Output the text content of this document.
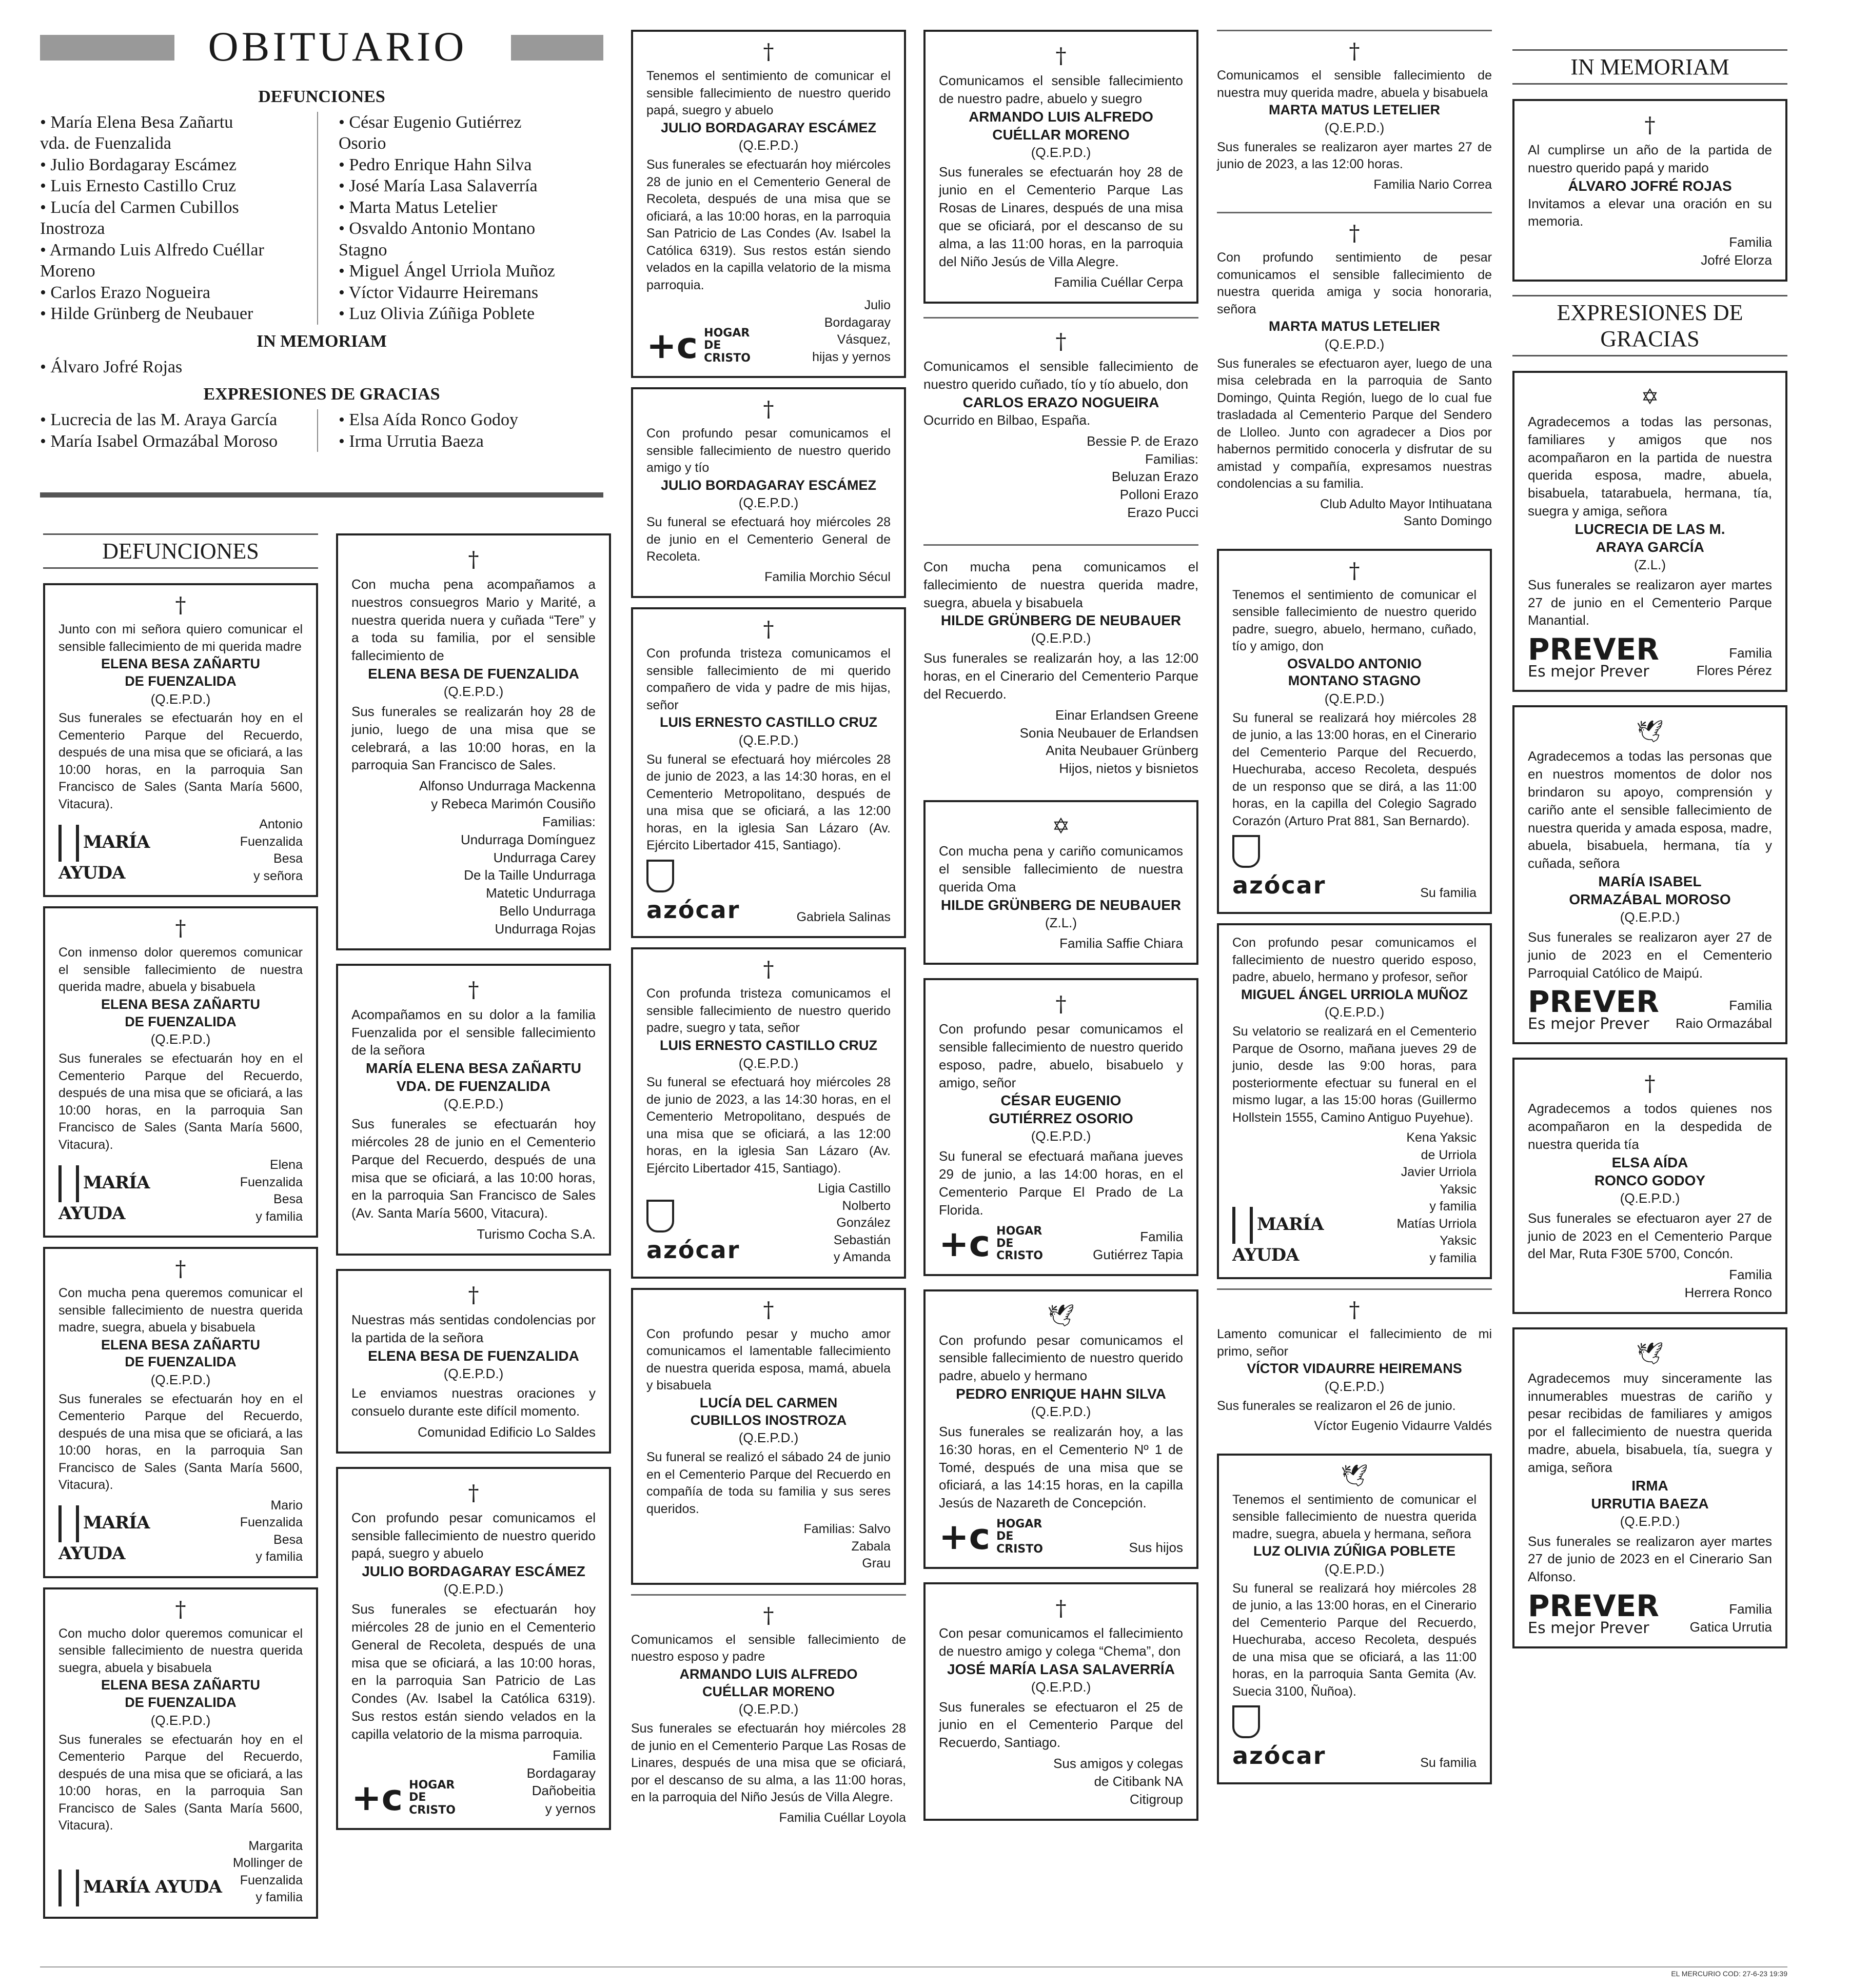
OBITUARIO
DEFUNCIONES
• María Elena Besa Zañartu
vda. de Fuenzalida
• Julio Bordagaray Escámez
• Luis Ernesto Castillo Cruz
• Lucía del Carmen Cubillos
Inostroza
• Armando Luis Alfredo Cuéllar
Moreno
• Carlos Erazo Nogueira
• Hilde Grünberg de Neubauer
• César Eugenio Gutiérrez
Osorio
• Pedro Enrique Hahn Silva
• José María Lasa Salaverría
• Marta Matus Letelier
• Osvaldo Antonio Montano
Stagno
• Miguel Ángel Urriola Muñoz
• Víctor Vidaurre Heiremans
• Luz Olivia Zúñiga Poblete
IN MEMORIAM
• Álvaro Jofré Rojas
EXPRESIONES DE GRACIAS
• Lucrecia de las M. Araya García
• María Isabel Ormazábal Moroso
• Elsa Aída Ronco Godoy
• Irma Urrutia Baeza
DEFUNCIONES
†
Junto con mi señora quiero comunicar el sensible fallecimiento de mi querida madre
ELENA BESA ZAÑARTU
DE FUENZALIDA
(Q.E.P.D.)
Sus funerales se efectuarán hoy en el Cementerio Parque del Recuerdo, después de una misa que se oficiará, a las 10:00 horas, en la parroquia San Francisco de Sales (Santa María 5600, Vitacura).
MARÍA AYUDA
Antonio
Fuenzalida Besa
y señora
†
Con inmenso dolor queremos comunicar el sensible fallecimiento de nuestra querida madre, abuela y bisabuela
ELENA BESA ZAÑARTU
DE FUENZALIDA
(Q.E.P.D.)
Sus funerales se efectuarán hoy en el Cementerio Parque del Recuerdo, después de una misa que se oficiará, a las 10:00 horas, en la parroquia San Francisco de Sales (Santa María 5600, Vitacura).
MARÍA AYUDA
Elena
Fuenzalida Besa
y familia
†
Con mucha pena queremos comunicar el sensible fallecimiento de nuestra querida madre, suegra, abuela y bisabuela
ELENA BESA ZAÑARTU
DE FUENZALIDA
(Q.E.P.D.)
Sus funerales se efectuarán hoy en el Cementerio Parque del Recuerdo, después de una misa que se oficiará, a las 10:00 horas, en la parroquia San Francisco de Sales (Santa María 5600, Vitacura).
MARÍA AYUDA
Mario
Fuenzalida Besa
y familia
†
Con mucho dolor queremos comunicar el sensible fallecimiento de nuestra querida suegra, abuela y bisabuela
ELENA BESA ZAÑARTU
DE FUENZALIDA
(Q.E.P.D.)
Sus funerales se efectuarán hoy en el Cementerio Parque del Recuerdo, después de una misa que se oficiará, a las 10:00 horas, en la parroquia San Francisco de Sales (Santa María 5600, Vitacura).
MARÍA AYUDA
Margarita
Mollinger de
Fuenzalida
y familia
†
Con mucha pena acompañamos a nuestros consuegros Mario y Marité, a nuestra querida nuera y cuñada “Tere” y a toda su familia, por el sensible fallecimiento de
ELENA BESA DE FUENZALIDA
(Q.E.P.D.)
Sus funerales se realizarán hoy 28 de junio, luego de una misa que se celebrará, a las 10:00 horas, en la parroquia San Francisco de Sales.
Alfonso Undurraga Mackenna
y Rebeca Marimón Cousiño
Familias:
Undurraga Domínguez
Undurraga Carey
De la Taille Undurraga
Matetic Undurraga
Bello Undurraga
Undurraga Rojas
†
Acompañamos en su dolor a la familia Fuenzalida por el sensible fallecimiento de la señora
MARÍA ELENA BESA ZAÑARTU
VDA. DE FUENZALIDA
(Q.E.P.D.)
Sus funerales se efectuarán hoy miércoles 28 de junio en el Cementerio Parque del Recuerdo, después de una misa que se oficiará, a las 10:00 horas, en la parroquia San Francisco de Sales (Av. Santa María 5600, Vitacura).
Turismo Cocha S.A.
†
Nuestras más sentidas condolencias por la partida de la señora
ELENA BESA DE FUENZALIDA
(Q.E.P.D.)
Le enviamos nuestras oraciones y consuelo durante este difícil momento.
Comunidad Edificio Lo Saldes
†
Con profundo pesar comunicamos el sensible fallecimiento de nuestro querido papá, suegro y abuelo
JULIO BORDAGARAY ESCÁMEZ
(Q.E.P.D.)
Sus funerales se efectuarán hoy miércoles 28 de junio en el Cementerio General de Recoleta, después de una misa que se oficiará, a las 10:00 horas, en la parroquia San Patricio de Las Condes (Av. Isabel la Católica 6319). Sus restos están siendo velados en la capilla velatorio de la misma parroquia.
+c HOGAR DE CRISTO
Familia
Bordagaray
Dañobeitia
y yernos
†
Tenemos el sentimiento de comunicar el sensible fallecimiento de nuestro querido papá, suegro y abuelo
JULIO BORDAGARAY ESCÁMEZ
(Q.E.P.D.)
Sus funerales se efectuarán hoy miércoles 28 de junio en el Cementerio General de Recoleta, después de una misa que se oficiará, a las 10:00 horas, en la parroquia San Patricio de Las Condes (Av. Isabel la Católica 6319). Sus restos están siendo velados en la capilla velatorio de la misma parroquia.
+c HOGAR DE CRISTO
Julio
Bordagaray
Vásquez,
hijas y yernos
†
Con profundo pesar comunicamos el sensible fallecimiento de nuestro querido amigo y tío
JULIO BORDAGARAY ESCÁMEZ
(Q.E.P.D.)
Su funeral se efectuará hoy miércoles 28 de junio en el Cementerio General de Recoleta.
Familia Morchio Sécul
†
Con profunda tristeza comunicamos el sensible fallecimiento de mi querido compañero de vida y padre de mis hijas, señor
LUIS ERNESTO CASTILLO CRUZ
(Q.E.P.D.)
Su funeral se efectuará hoy miércoles 28 de junio de 2023, a las 14:30 horas, en el Cementerio Metropolitano, después de una misa que se oficiará, a las 12:00 horas, en la iglesia San Lázaro (Av. Ejército Libertador 415, Santiago).
azócar	Gabriela Salinas
†
Con profunda tristeza comunicamos el sensible fallecimiento de nuestro querido padre, suegro y tata, señor
LUIS ERNESTO CASTILLO CRUZ
(Q.E.P.D.)
Su funeral se efectuará hoy miércoles 28 de junio de 2023, a las 14:30 horas, en el Cementerio Metropolitano, después de una misa que se oficiará, a las 12:00 horas, en la iglesia San Lázaro (Av. Ejército Libertador 415, Santiago).
azócar
Ligia Castillo
Nolberto
González
Sebastián
y Amanda
†
Con profundo pesar y mucho amor comunicamos el lamentable fallecimiento de nuestra querida esposa, mamá, abuela y bisabuela
LUCÍA DEL CARMEN
CUBILLOS INOSTROZA
(Q.E.P.D.)
Su funeral se realizó el sábado 24 de junio en el Cementerio Parque del Recuerdo en compañía de toda su familia y sus seres queridos.
Familias: Salvo
Zabala
Grau
†
Comunicamos el sensible fallecimiento de nuestro esposo y padre
ARMANDO LUIS ALFREDO
CUÉLLAR MORENO
(Q.E.P.D.)
Sus funerales se efectuarán hoy miércoles 28 de junio en el Cementerio Parque Las Rosas de Linares, después de una misa que se oficiará, por el descanso de su alma, a las 11:00 horas, en la parroquia del Niño Jesús de Villa Alegre.
Familia Cuéllar Loyola
†
Comunicamos el sensible fallecimiento de nuestro padre, abuelo y suegro
ARMANDO LUIS ALFREDO
CUÉLLAR MORENO
(Q.E.P.D.)
Sus funerales se efectuarán hoy 28 de junio en el Cementerio Parque Las Rosas de Linares, después de una misa que se oficiará, por el descanso de su alma, a las 11:00 horas, en la parroquia del Niño Jesús de Villa Alegre.
Familia Cuéllar Cerpa
†
Comunicamos el sensible fallecimiento de nuestro querido cuñado, tío y tío abuelo, don
CARLOS ERAZO NOGUEIRA
Ocurrido en Bilbao, España.
Bessie P. de Erazo
Familias:
Beluzan Erazo
Polloni Erazo
Erazo Pucci
Con mucha pena comunicamos el fallecimiento de nuestra querida madre, suegra, abuela y bisabuela
HILDE GRÜNBERG DE NEUBAUER
(Q.E.P.D.)
Sus funerales se realizarán hoy, a las 12:00 horas, en el Cinerario del Cementerio Parque del Recuerdo.
Einar Erlandsen Greene
Sonia Neubauer de Erlandsen
Anita Neubauer Grünberg
Hijos, nietos y bisnietos
✡
Con mucha pena y cariño comunicamos el sensible fallecimiento de nuestra querida Oma
HILDE GRÜNBERG DE NEUBAUER
(Z.L.)
Familia Saffie Chiara
†
Con profundo pesar comunicamos el sensible fallecimiento de nuestro querido esposo, padre, abuelo, bisabuelo y amigo, señor
CÉSAR EUGENIO
GUTIÉRREZ OSORIO
(Q.E.P.D.)
Su funeral se efectuará mañana jueves 29 de junio, a las 14:00 horas, en el Cementerio Parque El Prado de La Florida.
+c HOGAR DE CRISTO
Familia
Gutiérrez Tapia
🕊
Con profundo pesar comunicamos el sensible fallecimiento de nuestro querido padre, abuelo y hermano
PEDRO ENRIQUE HAHN SILVA
(Q.E.P.D.)
Sus funerales se realizarán hoy, a las 16:30 horas, en el Cementerio Nº 1 de Tomé, después de una misa que se oficiará, a las 14:15 horas, en la capilla Jesús de Nazareth de Concepción.
+c HOGAR DE CRISTO	Sus hijos
†
Con pesar comunicamos el fallecimiento de nuestro amigo y colega “Chema”, don
JOSÉ MARÍA LASA SALAVERRÍA
(Q.E.P.D.)
Sus funerales se efectuaron el 25 de junio en el Cementerio Parque del Recuerdo, Santiago.
Sus amigos y colegas
de Citibank NA
Citigroup
†
Comunicamos el sensible fallecimiento de nuestra muy querida madre, abuela y bisabuela
MARTA MATUS LETELIER
(Q.E.P.D.)
Sus funerales se realizaron ayer martes 27 de junio de 2023, a las 12:00 horas.
Familia Nario Correa
†
Con profundo sentimiento de pesar comunicamos el sensible fallecimiento de nuestra querida amiga y socia honoraria, señora
MARTA MATUS LETELIER
(Q.E.P.D.)
Sus funerales se efectuaron ayer, luego de una misa celebrada en la parroquia de Santo Domingo, Quinta Región, luego de lo cual fue trasladada al Cementerio Parque del Sendero de Llolleo. Junto con agradecer a Dios por habernos permitido conocerla y disfrutar de su amistad y compañía, expresamos nuestras condolencias a su familia.
Club Adulto Mayor Intihuatana
Santo Domingo
†
Tenemos el sentimiento de comunicar el sensible fallecimiento de nuestro querido padre, suegro, abuelo, hermano, cuñado, tío y amigo, don
OSVALDO ANTONIO
MONTANO STAGNO
(Q.E.P.D.)
Su funeral se realizará hoy miércoles 28 de junio, a las 13:00 horas, en el Cinerario del Cementerio Parque del Recuerdo, Huechuraba, acceso Recoleta, después de un responso que se dirá, a las 11:00 horas, en la capilla del Colegio Sagrado Corazón (Arturo Prat 881, San Bernardo).
azócar	Su familia
Con profundo pesar comunicamos el fallecimiento de nuestro querido esposo, padre, abuelo, hermano y profesor, señor
MIGUEL ÁNGEL URRIOLA MUÑOZ
(Q.E.P.D.)
Su velatorio se realizará en el Cementerio Parque de Osorno, mañana jueves 29 de junio, desde las 9:00 horas, para posteriormente efectuar su funeral en el mismo lugar, a las 15:00 horas (Guillermo Hollstein 1555, Camino Antiguo Puyehue).
MARÍA AYUDA
Kena Yaksic
de Urriola
Javier Urriola
Yaksic
y familia
Matías Urriola Yaksic
y familia
†
Lamento comunicar el fallecimiento de mi primo, señor
VÍCTOR VIDAURRE HEIREMANS
(Q.E.P.D.)
Sus funerales se realizaron el 26 de junio.
Víctor Eugenio Vidaurre Valdés
🕊
Tenemos el sentimiento de comunicar el sensible fallecimiento de nuestra querida madre, suegra, abuela y hermana, señora
LUZ OLIVIA ZÚÑIGA POBLETE
(Q.E.P.D.)
Su funeral se realizará hoy miércoles 28 de junio, a las 13:00 horas, en el Cinerario del Cementerio Parque del Recuerdo, Huechuraba, acceso Recoleta, después de una misa que se oficiará, a las 11:00 horas, en la parroquia Santa Gemita (Av. Suecia 3100, Ñuñoa).
azócar	Su familia
IN MEMORIAM
†
Al cumplirse un año de la partida de nuestro querido papá y marido
ÁLVARO JOFRÉ ROJAS
Invitamos a elevar una oración en su memoria.
Familia
Jofré Elorza
EXPRESIONES DE GRACIAS
✡
Agradecemos a todas las personas, familiares y amigos que nos acompañaron en la partida de nuestra querida esposa, madre, abuela, bisabuela, tatarabuela, hermana, tía, suegra y amiga, señora
LUCRECIA DE LAS M.
ARAYA GARCÍA
(Z.L.)
Sus funerales se realizaron ayer martes 27 de junio en el Cementerio Parque Manantial.
PREVER
Es mejor Prever
Familia
Flores Pérez
🕊
Agradecemos a todas las personas que en nuestros momentos de dolor nos brindaron su apoyo, comprensión y cariño ante el sensible fallecimiento de nuestra querida y amada esposa, madre, abuela, bisabuela, hermana, tía y cuñada, señora
MARÍA ISABEL
ORMAZÁBAL MOROSO
(Q.E.P.D.)
Sus funerales se realizaron ayer 27 de junio de 2023 en el Cementerio Parroquial Católico de Maipú.
PREVER
Es mejor Prever
Familia
Raio Ormazábal
†
Agradecemos a todos quienes nos acompañaron en la despedida de nuestra querida tía
ELSA AÍDA
RONCO GODOY
(Q.E.P.D.)
Sus funerales se efectuaron ayer 27 de junio de 2023 en el Cementerio Parque del Mar, Ruta F30E 5700, Concón.
Familia
Herrera Ronco
🕊
Agradecemos muy sinceramente las innumerables muestras de cariño y pesar recibidas de familiares y amigos por el fallecimiento de nuestra querida madre, abuela, bisabuela, tía, suegra y amiga, señora
IRMA
URRUTIA BAEZA
(Q.E.P.D.)
Sus funerales se realizaron ayer martes 27 de junio de 2023 en el Cinerario San Alfonso.
PREVER
Es mejor Prever
Familia
Gatica Urrutia
EL MERCURIO COD: 27-6-23 19:39
